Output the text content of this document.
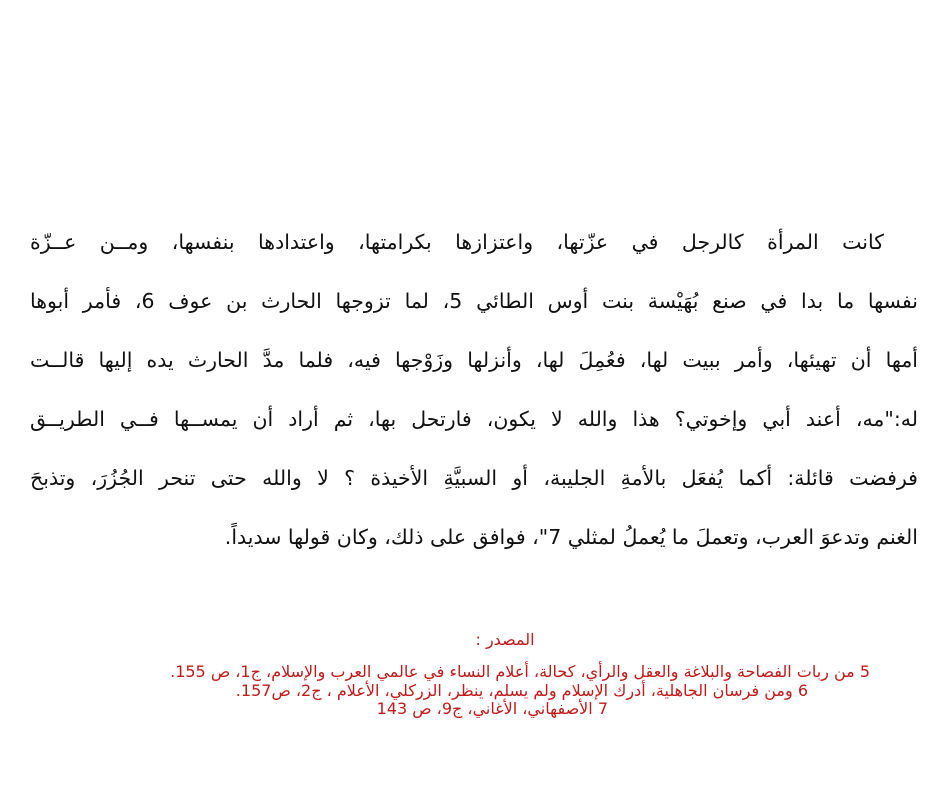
كانت المرأة كالرجل في عزّتها، واعتزازها بكرامتها، واعتدادها بنفسها، ومــن عــزّة
نفسها ما بدا في صنع بُهَيْسة بنت أوس الطائي 5، لما تزوجها الحارث بن عوف 6، فأمر أبوها
أمها أن تهيئها، وأمر ببيت لها، فعُمِلَ لها، وأنزلها وزَوْجها فيه، فلما مدَّ الحارث يده إليها قالــت
له:"مه، أعند أبي وإخوتي؟ هذا والله لا يكون، فارتحل بها، ثم أراد أن يمســها فــي الطريــق
فرفضت قائلة: أكما يُفعَل بالأمةِ الجليبة، أو السبيَّةِ الأخيذة ؟ لا والله حتى تنحر الجُزُرَ، وتذبحَ
الغنم وتدعوَ العرب، وتعملَ ما يُعملُ لمثلي 7"، فوافق على ذلك، وكان قولها سديداً.
المصدر :
5 من ربات الفصاحة والبلاغة والعقل والرأي، كحالة، أعلام النساء في عالمي العرب والإسلام، ج1، ص 155.
6 ومن فرسان الجاهلية، أدرك الإسلام ولم يسلم، ينظر، الزركلي، الأعلام ، ج2، ص157.
7 الأصفهاني، الأغاني، ج9، ص 143
